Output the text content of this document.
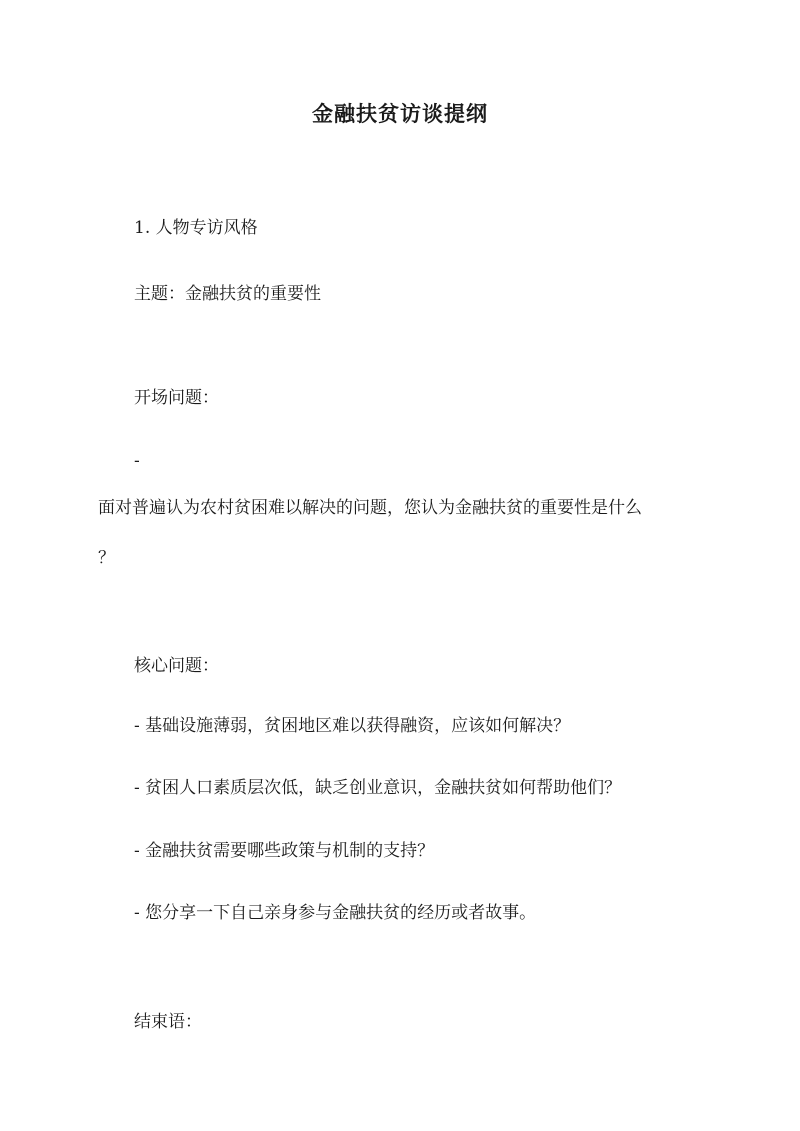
金融扶贫访谈提纲

1. 人物专访风格

主题：金融扶贫的重要性

开场问题：

-

面对普遍认为农村贫困难以解决的问题，您认为金融扶贫的重要性是什么

？

核心问题：

- 基础设施薄弱，贫困地区难以获得融资，应该如何解决？

- 贫困人口素质层次低，缺乏创业意识，金融扶贫如何帮助他们？

- 金融扶贫需要哪些政策与机制的支持？

- 您分享一下自己亲身参与金融扶贫的经历或者故事。

结束语：
